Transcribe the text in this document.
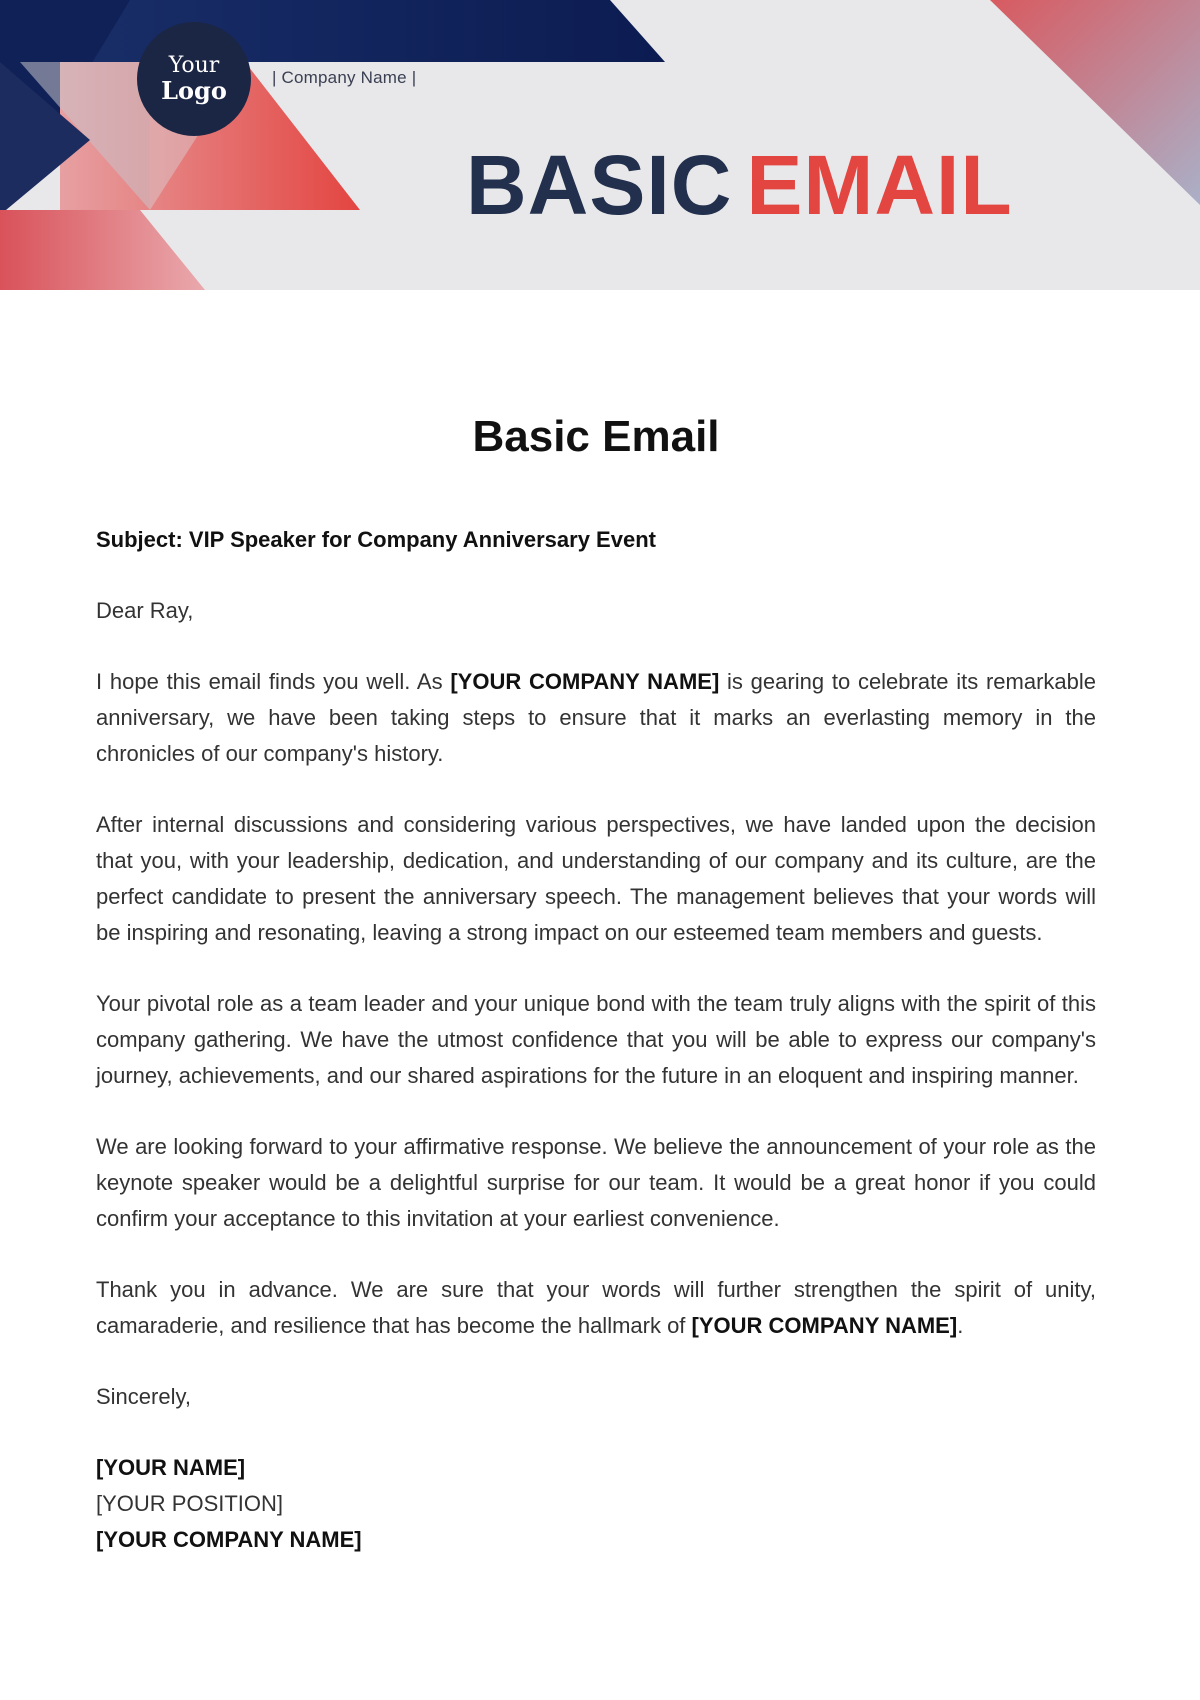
Your
Logo	| Company Name |
BASIC EMAIL
Basic Email

Subject: VIP Speaker for Company Anniversary Event

Dear Ray,

I hope this email finds you well. As [YOUR COMPANY NAME] is gearing to celebrate its remarkable anniversary, we have been taking steps to ensure that it marks an everlasting memory in the chronicles of our company's history.

After internal discussions and considering various perspectives, we have landed upon the decision that you, with your leadership, dedication, and understanding of our company and its culture, are the perfect candidate to present the anniversary speech. The management believes that your words will be inspiring and resonating, leaving a strong impact on our esteemed team members and guests.

Your pivotal role as a team leader and your unique bond with the team truly aligns with the spirit of this company gathering. We have the utmost confidence that you will be able to express our company's journey, achievements, and our shared aspirations for the future in an eloquent and inspiring manner.

We are looking forward to your affirmative response. We believe the announcement of your role as the keynote speaker would be a delightful surprise for our team. It would be a great honor if you could confirm your acceptance to this invitation at your earliest convenience.

Thank you in advance. We are sure that your words will further strengthen the spirit of unity, camaraderie, and resilience that has become the hallmark of [YOUR COMPANY NAME].

Sincerely,

[YOUR NAME]

[YOUR POSITION]

[YOUR COMPANY NAME]
